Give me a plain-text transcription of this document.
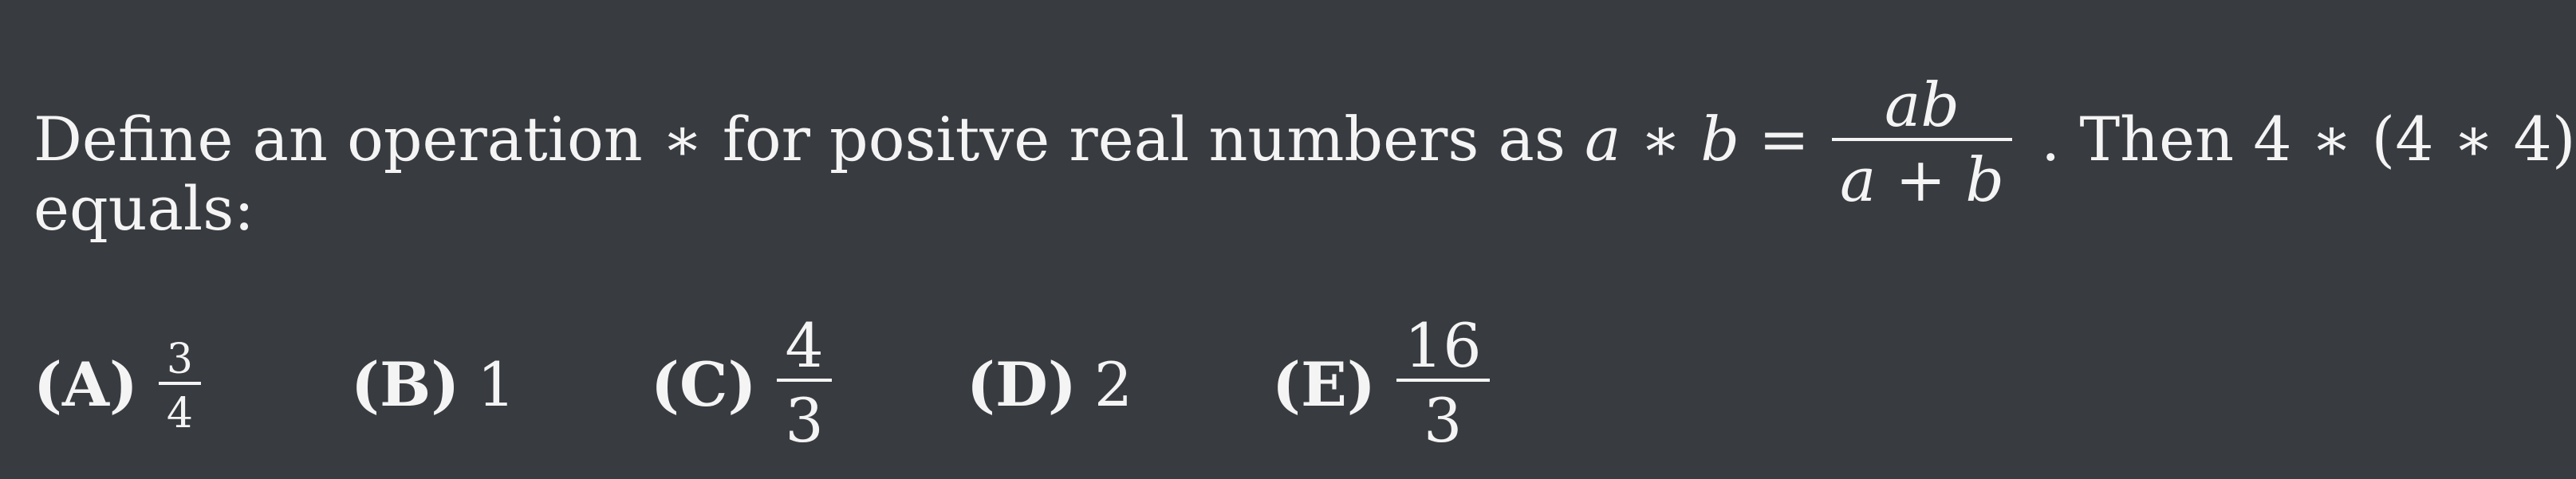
Define an operation ∗ for positve real numbers as a ∗ $b = \frac{ab}{a + b}$ . Then 4 ∗ (4 ∗ 4)
equals:
$(A) \frac{3}{4} (B)$ 1 $(C) \frac{4}{3} (D)$ 2 $(E) \frac{16}{3}$
